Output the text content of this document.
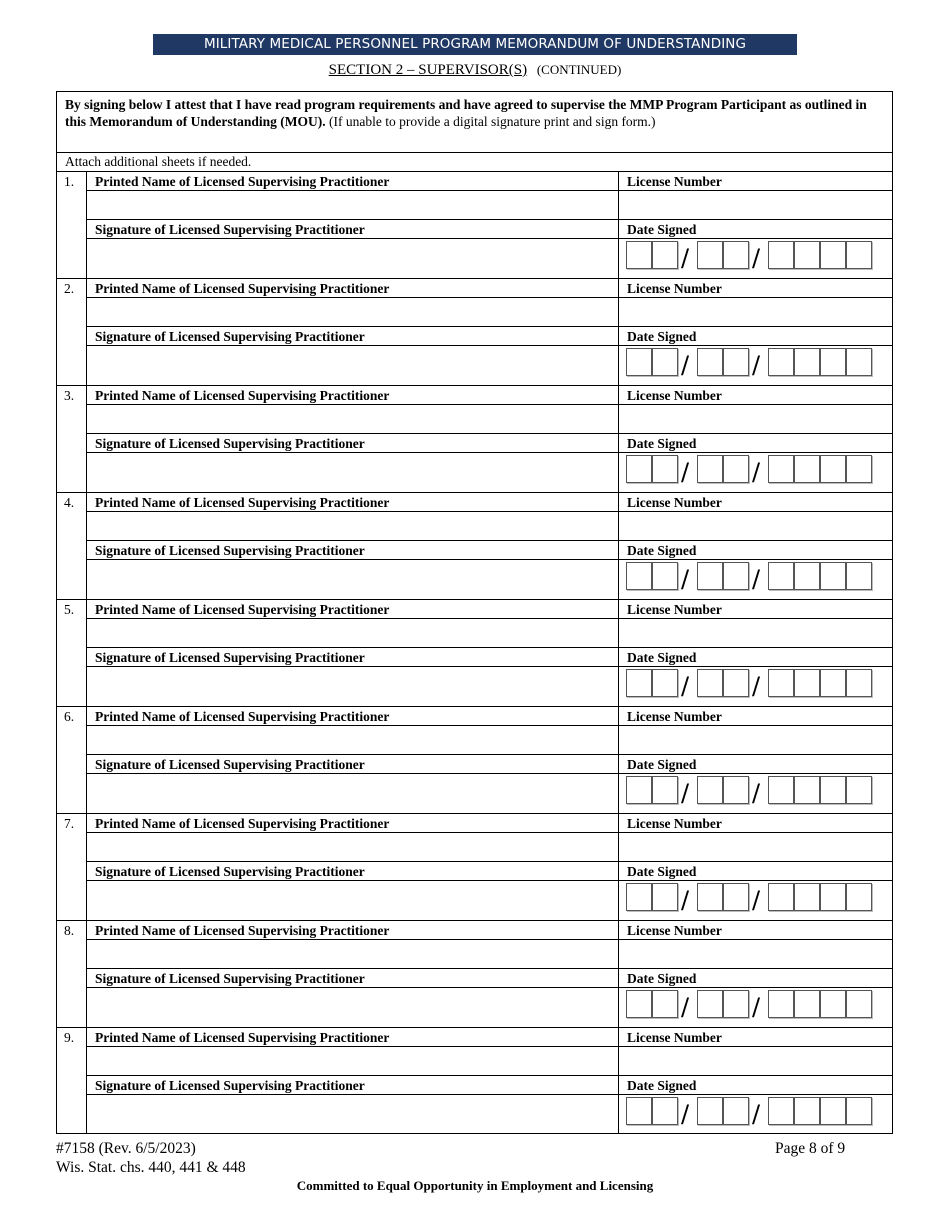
MILITARY MEDICAL PERSONNEL PROGRAM MEMORANDUM OF UNDERSTANDING
SECTION 2 – SUPERVISOR(S) (CONTINUED)
By signing below I attest that I have read program requirements and have agreed to supervise the MMP Program Participant as outlined in this Memorandum of Understanding (MOU). (If unable to provide a digital signature print and sign form.)
Attach additional sheets if needed.
1.	Printed Name of Licensed Supervising Practitioner	License Number
Signature of Licensed Supervising Practitioner	Date Signed
/	/
2.	Printed Name of Licensed Supervising Practitioner	License Number
Signature of Licensed Supervising Practitioner	Date Signed
/	/
3.	Printed Name of Licensed Supervising Practitioner	License Number
Signature of Licensed Supervising Practitioner	Date Signed
/	/
4.	Printed Name of Licensed Supervising Practitioner	License Number
Signature of Licensed Supervising Practitioner	Date Signed
/	/
5.	Printed Name of Licensed Supervising Practitioner	License Number
Signature of Licensed Supervising Practitioner	Date Signed
/	/
6.	Printed Name of Licensed Supervising Practitioner	License Number
Signature of Licensed Supervising Practitioner	Date Signed
/	/
7.	Printed Name of Licensed Supervising Practitioner	License Number
Signature of Licensed Supervising Practitioner	Date Signed
/	/
8.	Printed Name of Licensed Supervising Practitioner	License Number
Signature of Licensed Supervising Practitioner	Date Signed
/	/
9.	Printed Name of Licensed Supervising Practitioner	License Number
Signature of Licensed Supervising Practitioner	Date Signed
/	/
#7158 (Rev. 6/5/2023)
Wis. Stat. chs. 440, 441 & 448
Page 8 of 9
Committed to Equal Opportunity in Employment and Licensing
